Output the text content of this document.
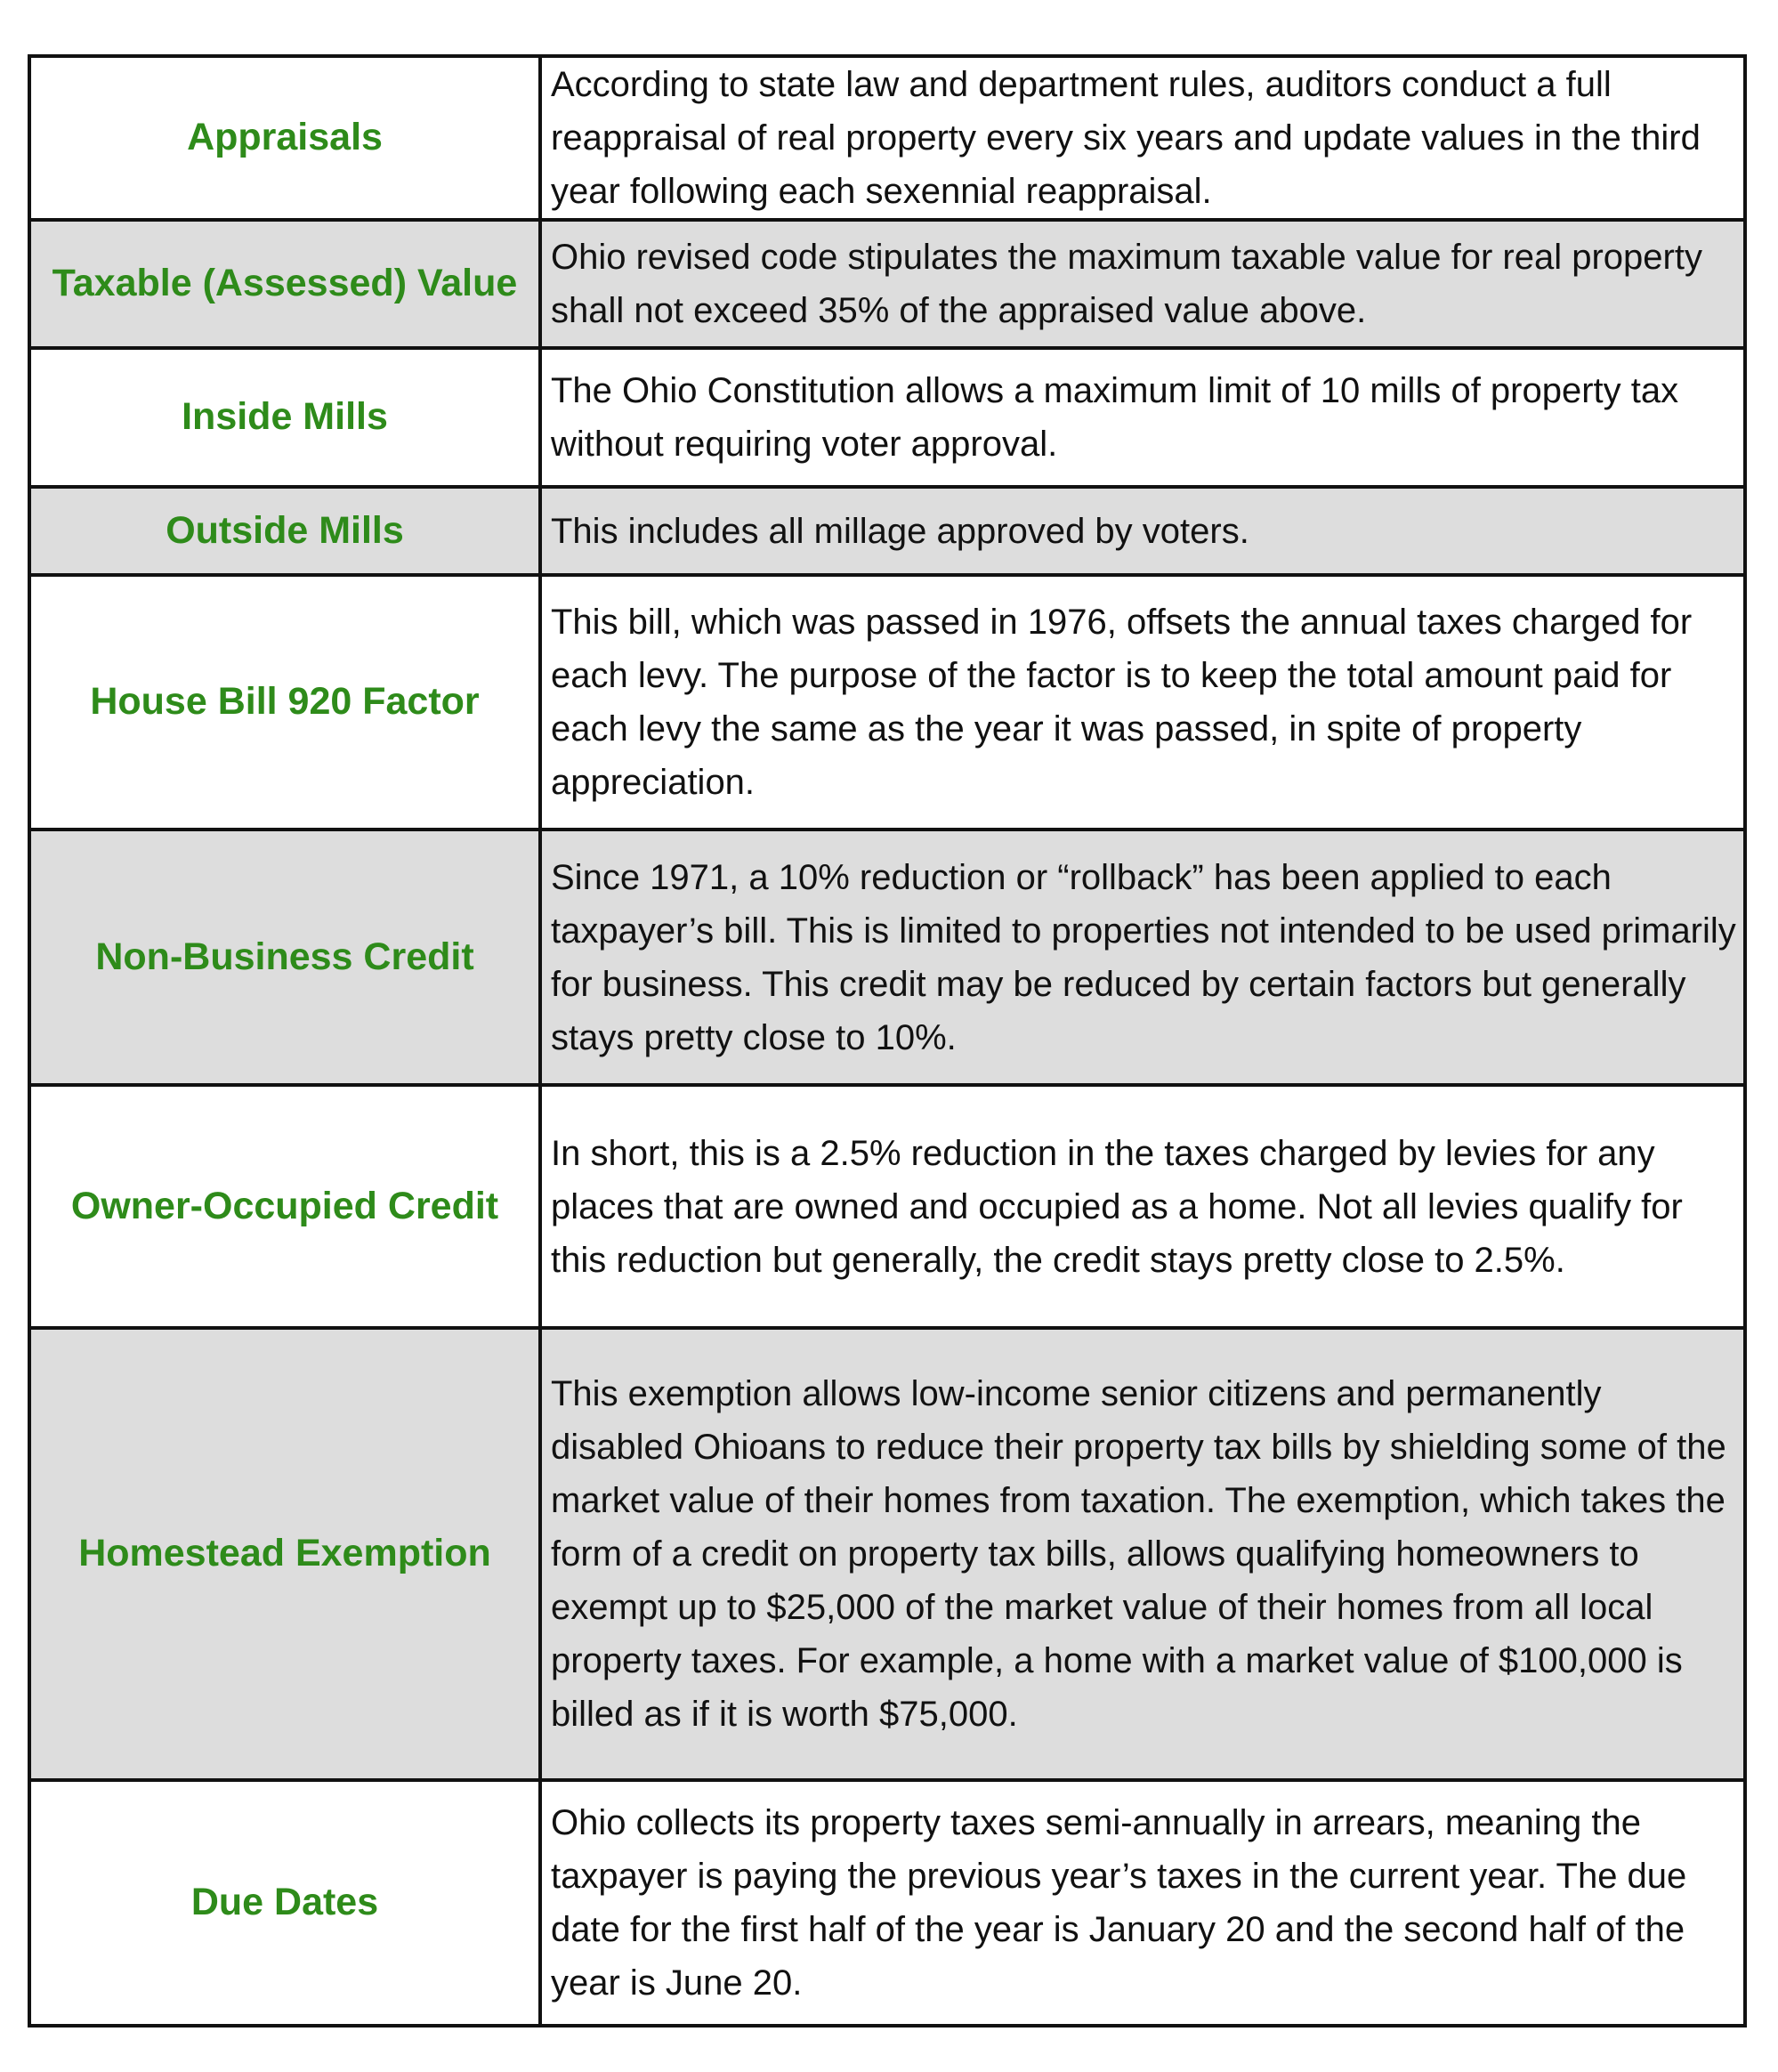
Appraisals	According to state law and department rules, auditors conduct a full reappraisal of real property every six years and update values in the third year following each sexennial reappraisal.

Taxable (Assessed) Value	Ohio revised code stipulates the maximum taxable value for real property shall not exceed 35% of the appraised value above.

Inside Mills	The Ohio Constitution allows a maximum limit of 10 mills of property tax without requiring voter approval.

Outside Mills	This includes all millage approved by voters.

House Bill 920 Factor	This bill, which was passed in 1976, offsets the annual taxes charged for each levy. The purpose of the factor is to keep the total amount paid for each levy the same as the year it was passed, in spite of property appreciation.

Non-Business Credit	Since 1971, a 10% reduction or “rollback” has been applied to each taxpayer’s bill. This is limited to properties not intended to be used primarily for business. This credit may be reduced by certain factors but generally stays pretty close to 10%.

Owner-Occupied Credit	In short, this is a 2.5% reduction in the taxes charged by levies for any places that are owned and occupied as a home. Not all levies qualify for this reduction but generally, the credit stays pretty close to 2.5%.

Homestead Exemption	This exemption allows low-income senior citizens and permanently disabled Ohioans to reduce their property tax bills by shielding some of the market value of their homes from taxation. The exemption, which takes the form of a credit on property tax bills, allows qualifying homeowners to exempt up to $25,000 of the market value of their homes from all local property taxes. For example, a home with a market value of $100,000 is billed as if it is worth $75,000.

Due Dates	Ohio collects its property taxes semi-annually in arrears, meaning the taxpayer is paying the previous year’s taxes in the current year. The due date for the first half of the year is January 20 and the second half of the year is June 20.
